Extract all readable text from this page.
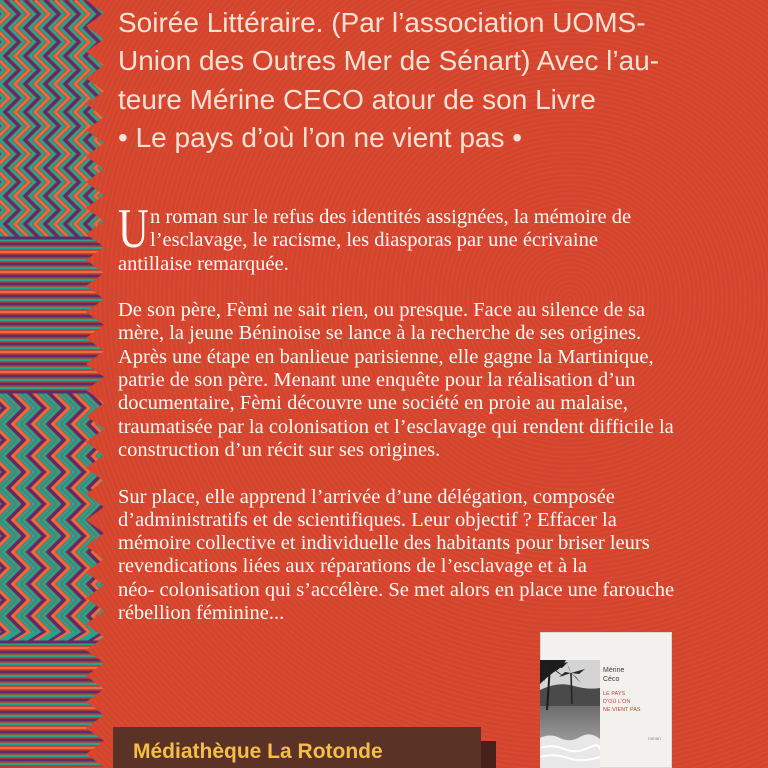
Soirée Littéraire. (Par l’association UOMS-
Union des Outres Mer de Sénart) Avec l’au-
teure Mérine CECO atour de son Livre
• Le pays d’où l’on ne vient pas •
U n roman sur le refus des identités assignées, la mémoire de
l’esclavage, le racisme, les diasporas par une écrivaine
antillaise remarquée.
De son père, Fèmi ne sait rien, ou presque. Face au silence de sa
mère, la jeune Béninoise se lance à la recherche de ses origines.
Après une étape en banlieue parisienne, elle gagne la Martinique,
patrie de son père. Menant une enquête pour la réalisation d’un
documentaire, Fèmi découvre une société en proie au malaise,
traumatisée par la colonisation et l’esclavage qui rendent difficile la
construction d’un récit sur ses origines.
Sur place, elle apprend l’arrivée d’une délégation, composée
d’administratifs et de scientifiques. Leur objectif ? Effacer la
mémoire collective et individuelle des habitants pour briser leurs
revendications liées aux réparations de l’esclavage et à la
néo- colonisation qui s’accélère. Se met alors en place une farouche
rébellion féminine...
Médiathèque La Rotonde
Mérine
Céco
LE PAYS
D’OÙ L’ON
NE VIENT PAS
roman
